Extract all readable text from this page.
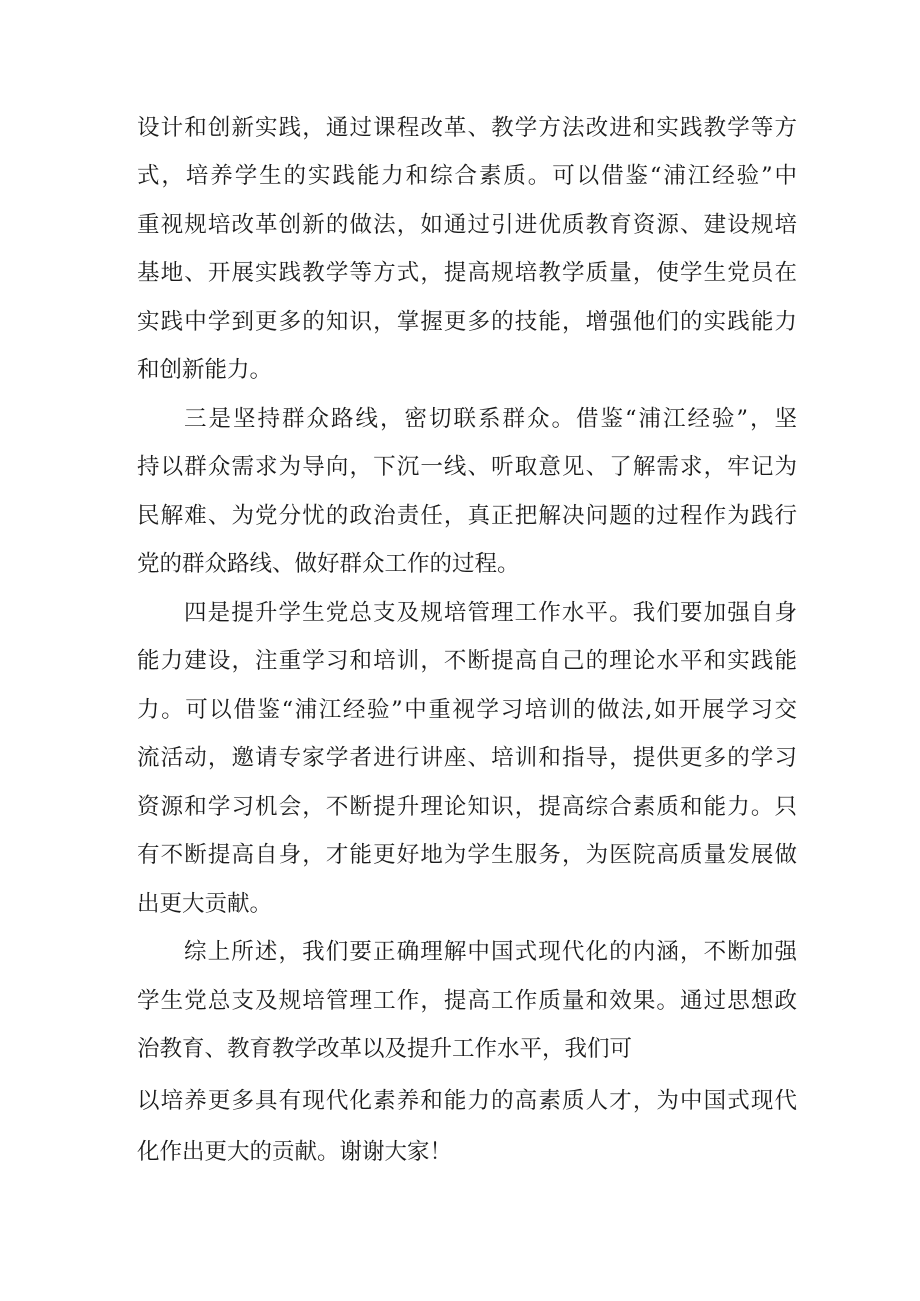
设计和创新实践，通过课程改革、教学方法改进和实践教学等方
式，培养学生的实践能力和综合素质。可以借鉴“浦江经验”中
重视规培改革创新的做法，如通过引进优质教育资源、建设规培
基地、开展实践教学等方式，提高规培教学质量，使学生党员在
实践中学到更多的知识，掌握更多的技能，增强他们的实践能力
和创新能力。
三是坚持群众路线，密切联系群众。借鉴“浦江经验”，坚
持以群众需求为导向，下沉一线、听取意见、了解需求，牢记为
民解难、为党分忧的政治责任，真正把解决问题的过程作为践行
党的群众路线、做好群众工作的过程。
四是提升学生党总支及规培管理工作水平。我们要加强自身
能力建设，注重学习和培训，不断提高自己的理论水平和实践能
力。可以借鉴“浦江经验”中重视学习培训的做法,如开展学习交
流活动，邀请专家学者进行讲座、培训和指导，提供更多的学习
资源和学习机会，不断提升理论知识，提高综合素质和能力。只
有不断提高自身，才能更好地为学生服务，为医院高质量发展做
出更大贡献。
综上所述，我们要正确理解中国式现代化的内涵，不断加强
学生党总支及规培管理工作，提高工作质量和效果。通过思想政
治教育、教育教学改革以及提升工作水平，我们可
以培养更多具有现代化素养和能力的高素质人才，为中国式现代
化作出更大的贡献。谢谢大家！
